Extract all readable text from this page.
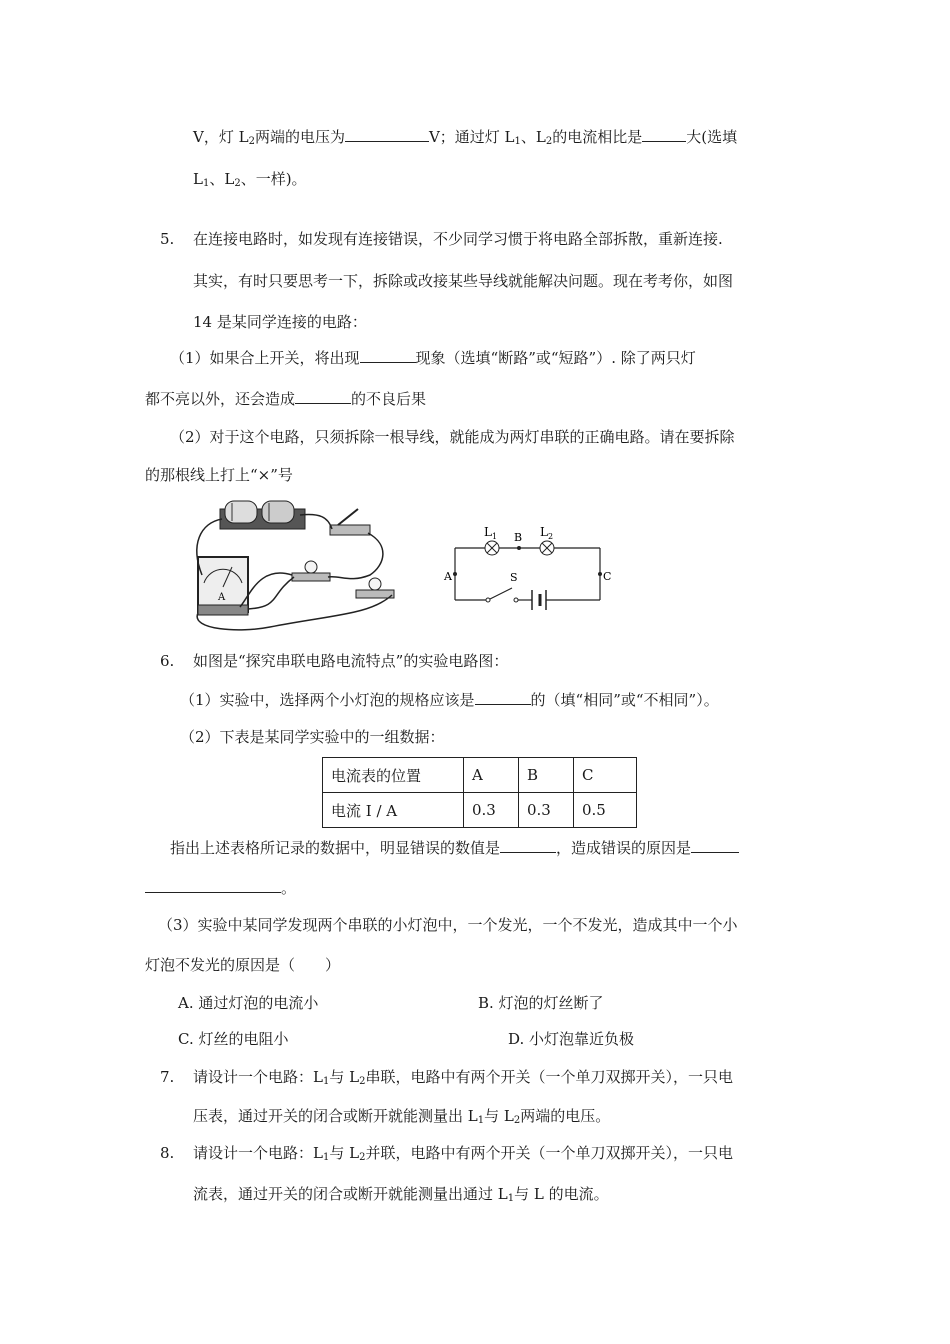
V，灯 $L_2$两端的电压为	V；通过灯 $L_1$、$L_2$的电流相比是	大(选填
$L_1$、$L_2$、一样)。
5. 在连接电路时，如发现有连接错误，不少同学习惯于将电路全部拆散，重新连接.
其实，有时只要思考一下，拆除或改接某些导线就能解决问题。现在考考你，如图
14 是某同学连接的电路：
（1）如果合上开关，将出现	现象（选填“断路”或“短路”）. 除了两只灯
都不亮以外，还会造成	的不良后果
（2）对于这个电路，只须拆除一根导线，就能成为两灯串联的正确电路。请在要拆除
的那根线上打上“×”号
A
$L_1$ B $L_2$
A	S	C
6. 如图是“探究串联电路电流特点”的实验电路图：
（1）实验中，选择两个小灯泡的规格应该是	的（填“相同”或“不相同”）。
（2）下表是某同学实验中的一组数据：
电流表的位置	A	B	C
电流 I / A	0.3	0.3	0.5
指出上述表格所记录的数据中，明显错误的数值是	，造成错误的原因是
。
（3）实验中某同学发现两个串联的小灯泡中，一个发光，一个不发光，造成其中一个小
灯泡不发光的原因是（　　）
A. 通过灯泡的电流小	B. 灯泡的灯丝断了
C. 灯丝的电阻小	D. 小灯泡靠近负极
7. 请设计一个电路：$L_1$与 $L_2$串联，电路中有两个开关（一个单刀双掷开关），一只电
压表，通过开关的闭合或断开就能测量出 $L_1$与 $L_2$两端的电压。
8. 请设计一个电路：$L_1$与 $L_2$并联，电路中有两个开关（一个单刀双掷开关），一只电
流表，通过开关的闭合或断开就能测量出通过 $L_1$与 L 的电流。
